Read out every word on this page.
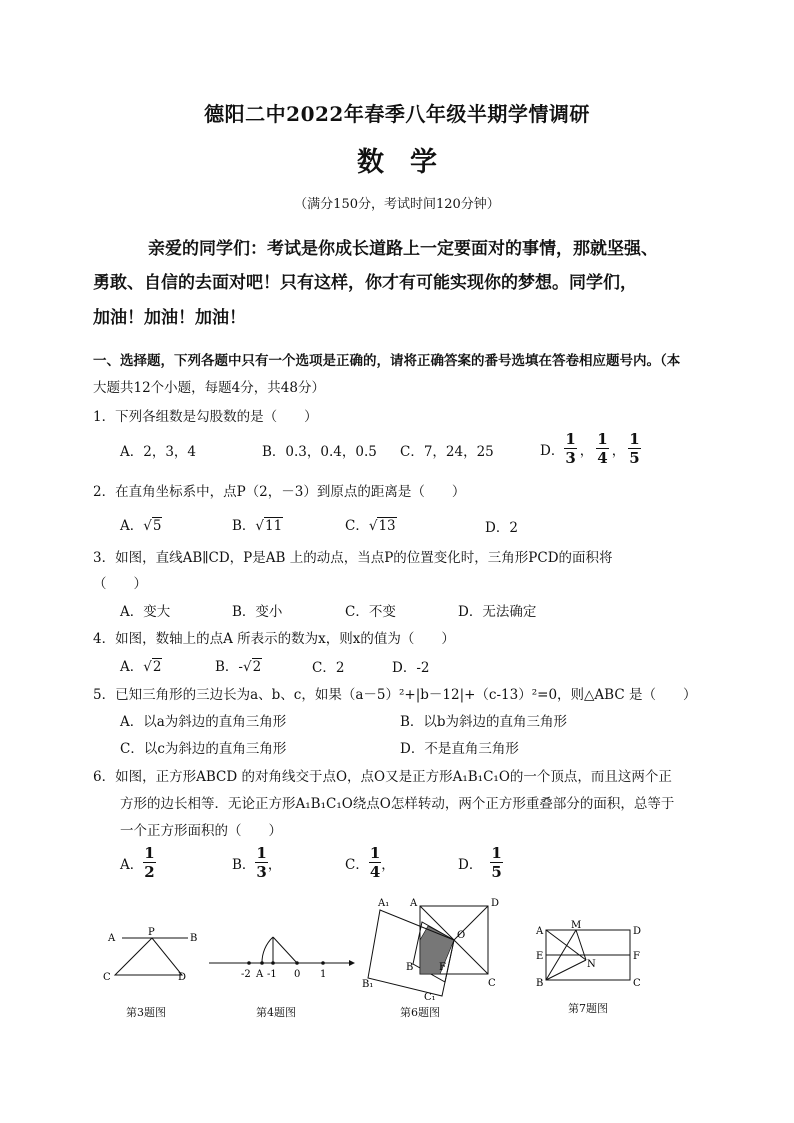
德阳二中2022年春季八年级半期学情调研
数学
（满分150分，考试时间120分钟）
亲爱的同学们：考试是你成长道路上一定要面对的事情，那就坚强、
勇敢、自信的去面对吧！只有这样，你才有可能实现你的梦想。同学们，
加油！加油！加油！
一、选择题，下列各题中只有一个选项是正确的，请将正确答案的番号选填在答卷相应题号内。（本
大题共12个小题，每题4分，共48分）
1．下列各组数是勾股数的是（　　）
A．2，3，4	B．0.3，0.4，0.5 C．7，24，25	D． $\frac{1}{3}$ ， $\frac{1}{4}$ ， $\frac{1}{5}$
2．在直角坐标系中，点P（2，－3）到原点的距离是（　　）
A．√5	B．√11	C．√13	D．2
3．如图，直线AB∥CD，P是AB 上的动点，当点P的位置变化时，三角形PCD的面积将
（　　）
A．变大	B．变小	C．不变	D．无法确定
4．如图，数轴上的点A 所表示的数为x，则x的值为（　　）
A．√2	B．-√2	C．2	D．-2
5．已知三角形的三边长为a、b、c，如果（a－5）²+|b－12|+（c-13）²=0，则△ABC 是（　　）
A．以a为斜边的直角三角形	B．以b为斜边的直角三角形
C．以c为斜边的直角三角形	D．不是直角三角形
6．如图，正方形ABCD 的对角线交于点O，点O又是正方形A₁B₁C₁O的一个顶点，而且这两个正
方形的边长相等．无论正方形A₁B₁C₁O绕点O怎样转动，两个正方形重叠部分的面积，总等于
一个正方形面积的（　　）
A． $\frac{1}{2}$	B． $\frac{1}{3}$ ，	C． $\frac{1}{4}$ ，	D． $\frac{1}{5}$
A
P
B
C	D
第3题图
-2 A -1 0 1
第4题图
A₁ A	D
O
B	F
C
B₁
C₁
第6题图
A
M
D
E	F
N
B	C
第7题图
